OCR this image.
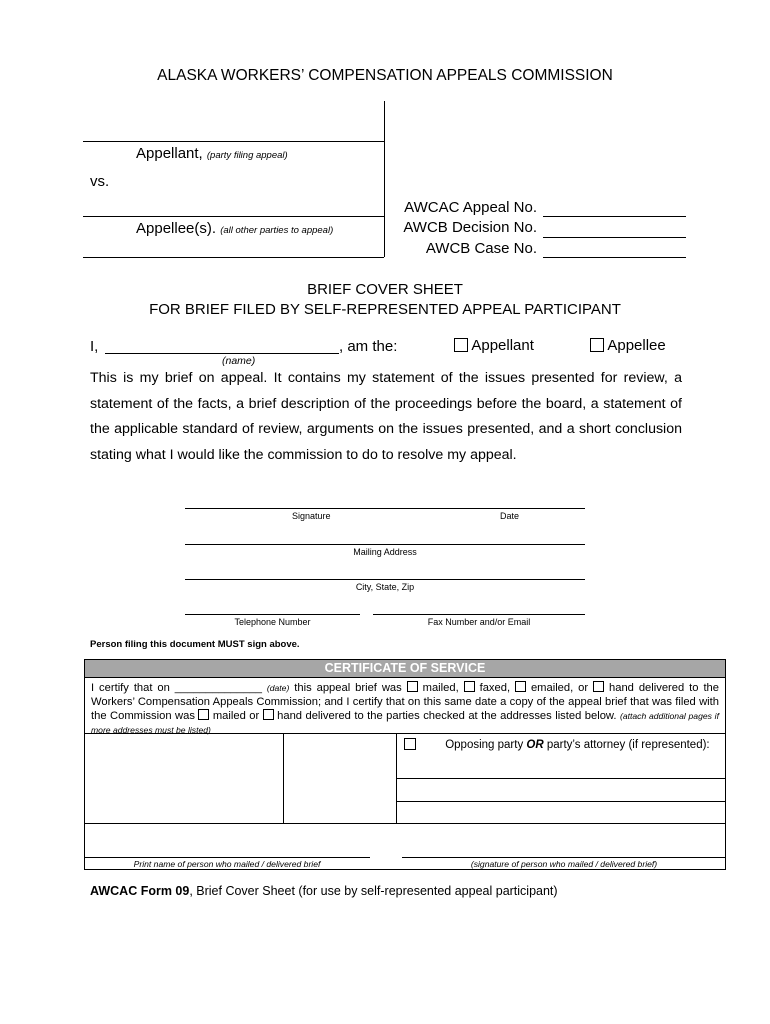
ALASKA WORKERS’ COMPENSATION APPEALS COMMISSION
Appellant, (party filing appeal)
vs.
Appellee(s). (all other parties to appeal)
AWCAC Appeal No.
AWCB Decision No.
AWCB Case No.
BRIEF COVER SHEET
FOR BRIEF FILED BY SELF-REPRESENTED APPEAL PARTICIPANT
I,	, am the:
(name)
Appellant	Appellee
This is my brief on appeal. It contains my statement of the issues presented for review, a statement of the facts, a brief description of the proceedings before the board, a statement of the applicable standard of review, arguments on the issues presented, and a short conclusion stating what I would like the commission to do to resolve my appeal.
Signature	Date
Mailing Address
City, State, Zip
Telephone Number	Fax Number and/or Email
Person filing this document MUST sign above.
CERTIFICATE OF SERVICE
I certify that on ______________ (date) this appeal brief was  mailed,  faxed,  emailed, or  hand delivered to the Workers’ Compensation Appeals Commission; and I certify that on this same date a copy of the appeal brief that was filed with the Commission was  mailed or  hand delivered to the parties checked at the addresses listed below. (attach additional pages if more addresses must be listed)
Opposing party OR party’s attorney (if represented):
Print name of person who mailed / delivered brief	(signature of person who mailed / delivered brief)
AWCAC Form 09, Brief Cover Sheet (for use by self-represented appeal participant)
